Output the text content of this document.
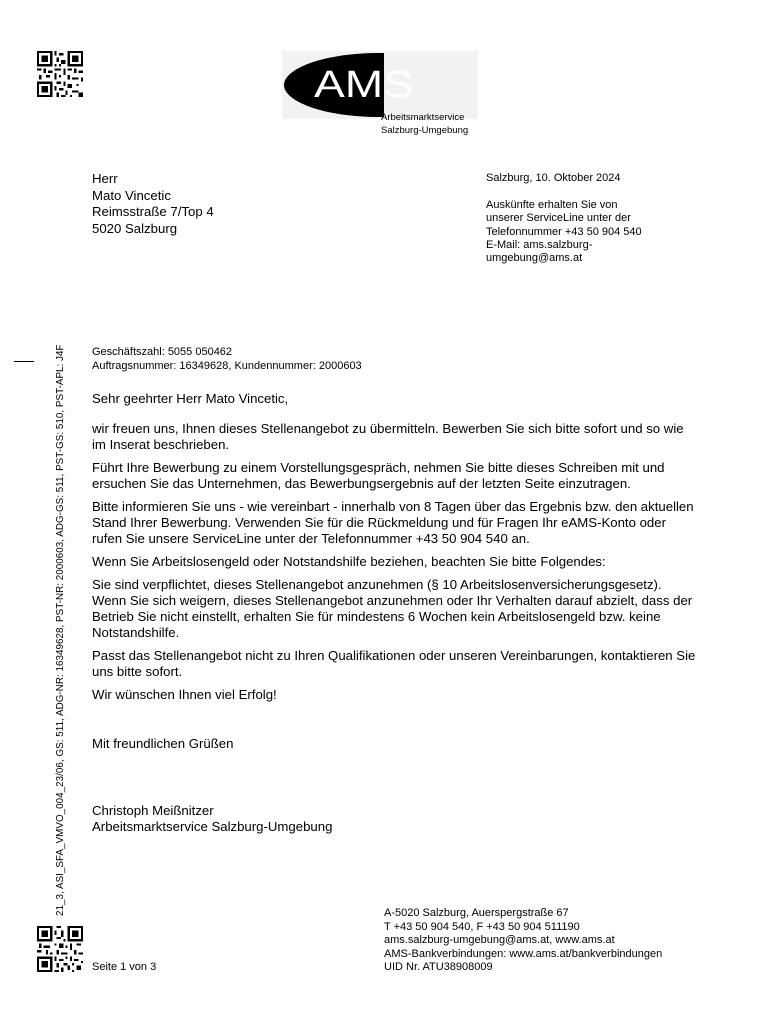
AMS
Arbeitsmarktservice
Salzburg-Umgebung
Herr
Mato Vincetic
Reimsstraße 7/Top 4
5020 Salzburg
Salzburg, 10. Oktober 2024
Auskünfte erhalten Sie von
unserer ServiceLine unter der
Telefonnummer +43 50 904 540
E-Mail: ams.salzburg-
umgebung@ams.at
21_3, ASI_SFA_VMVO_004_23/06, GS: 511, ADG-NR: 16349628, PST-NR: 2000603, ADG-GS: 511, PST-GS: 510, PST-APL: J4F Geschäftszahl: 5055 050462
Auftragsnummer: 16349628, Kundennummer: 2000603
Sehr geehrter Herr Mato Vincetic,

wir freuen uns, Ihnen dieses Stellenangebot zu übermitteln. Bewerben Sie sich bitte sofort und so wie im Inserat beschrieben.

Führt Ihre Bewerbung zu einem Vorstellungsgespräch, nehmen Sie bitte dieses Schreiben mit und ersuchen Sie das Unternehmen, das Bewerbungsergebnis auf der letzten Seite einzutragen.

Bitte informieren Sie uns - wie vereinbart - innerhalb von 8 Tagen über das Ergebnis bzw. den aktuellen Stand Ihrer Bewerbung. Verwenden Sie für die Rückmeldung und für Fragen Ihr eAMS-Konto oder rufen Sie unsere ServiceLine unter der Telefonnummer +43 50 904 540 an.

Wenn Sie Arbeitslosengeld oder Notstandshilfe beziehen, beachten Sie bitte Folgendes:

Sie sind verpflichtet, dieses Stellenangebot anzunehmen (§ 10 Arbeitslosenversicherungsgesetz). Wenn Sie sich weigern, dieses Stellenangebot anzunehmen oder Ihr Verhalten darauf abzielt, dass der Betrieb Sie nicht einstellt, erhalten Sie für mindestens 6 Wochen kein Arbeitslosengeld bzw. keine Notstandshilfe.

Passt das Stellenangebot nicht zu Ihren Qualifikationen oder unseren Vereinbarungen, kontaktieren Sie uns bitte sofort.

Wir wünschen Ihnen viel Erfolg!

Mit freundlichen Grüßen
Christoph Meißnitzer
Arbeitsmarktservice Salzburg-Umgebung
Seite 1 von 3
A-5020 Salzburg, Auerspergstraße 67
T +43 50 904 540, F +43 50 904 511190
ams.salzburg-umgebung@ams.at, www.ams.at
AMS-Bankverbindungen: www.ams.at/bankverbindungen
UID Nr. ATU38908009
